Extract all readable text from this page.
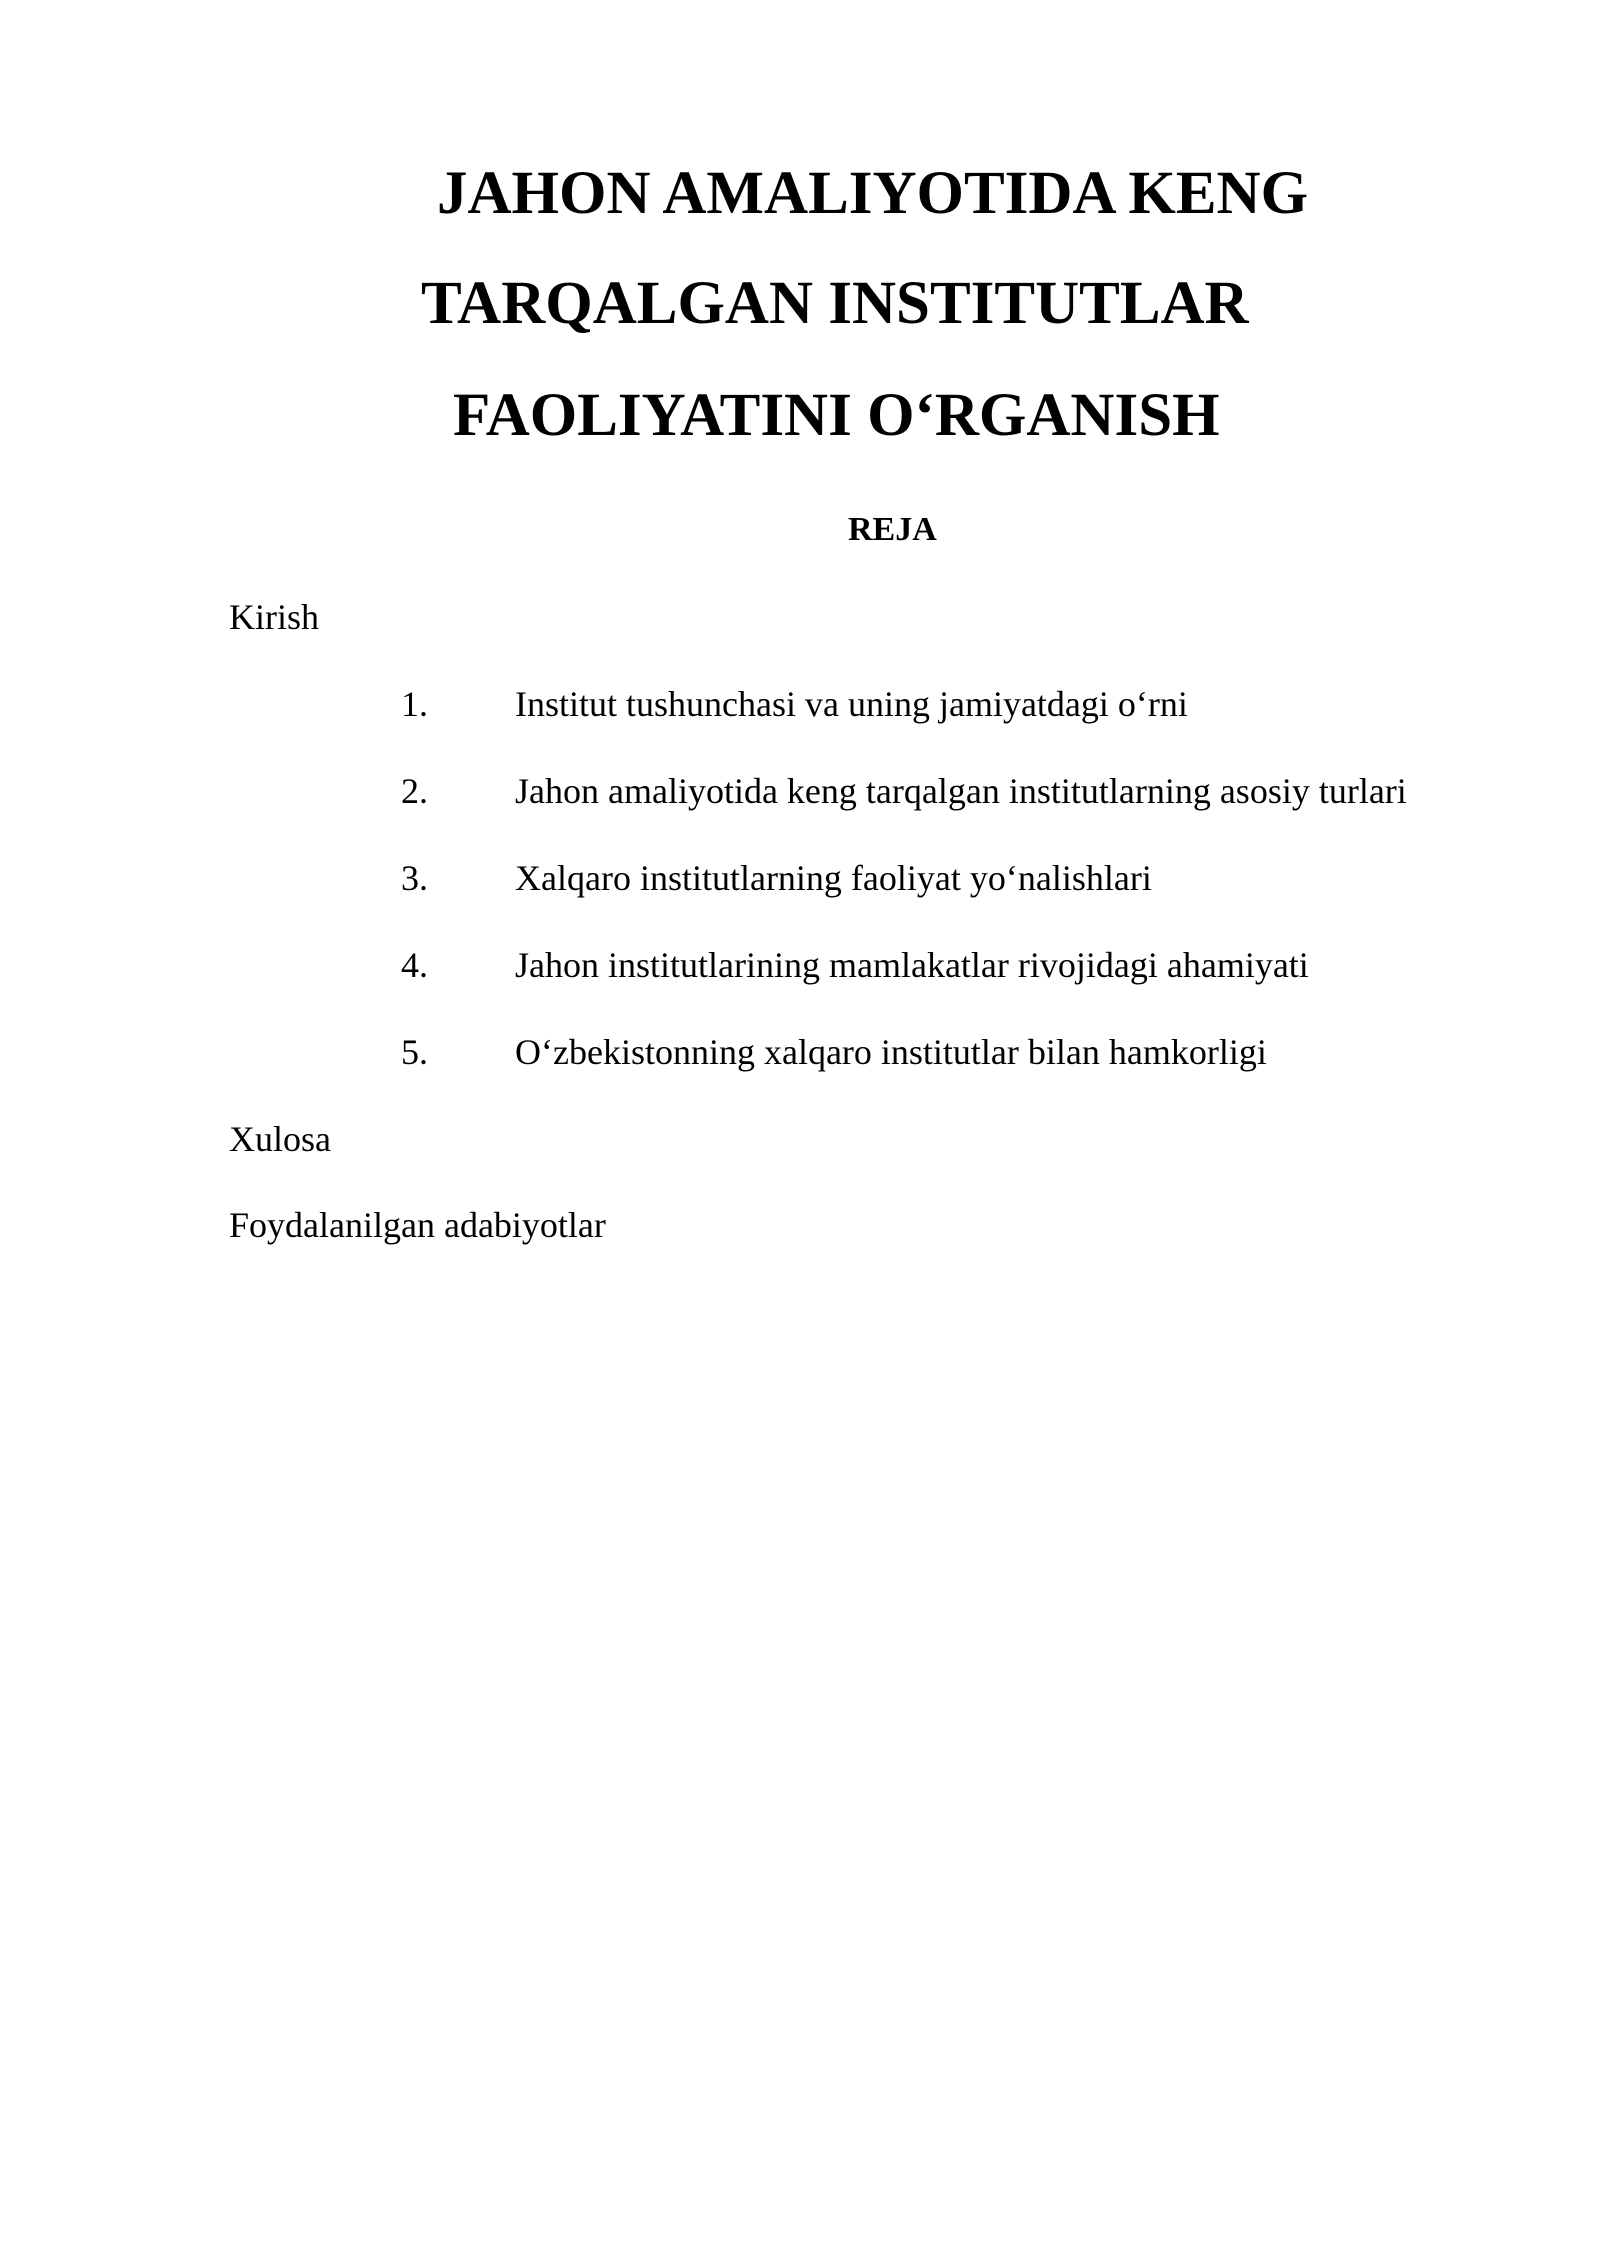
JAHON AMALIYOTIDA KENG
TARQALGAN INSTITUTLAR
FAOLIYATINI O‘RGANISH
REJA
Kirish
1. Institut tushunchasi va uning jamiyatdagi o‘rni
2. Jahon amaliyotida keng tarqalgan institutlarning asosiy turlari
3. Xalqaro institutlarning faoliyat yo‘nalishlari
4. Jahon institutlarining mamlakatlar rivojidagi ahamiyati
5. O‘zbekistonning xalqaro institutlar bilan hamkorligi
Xulosa
Foydalanilgan adabiyotlar
